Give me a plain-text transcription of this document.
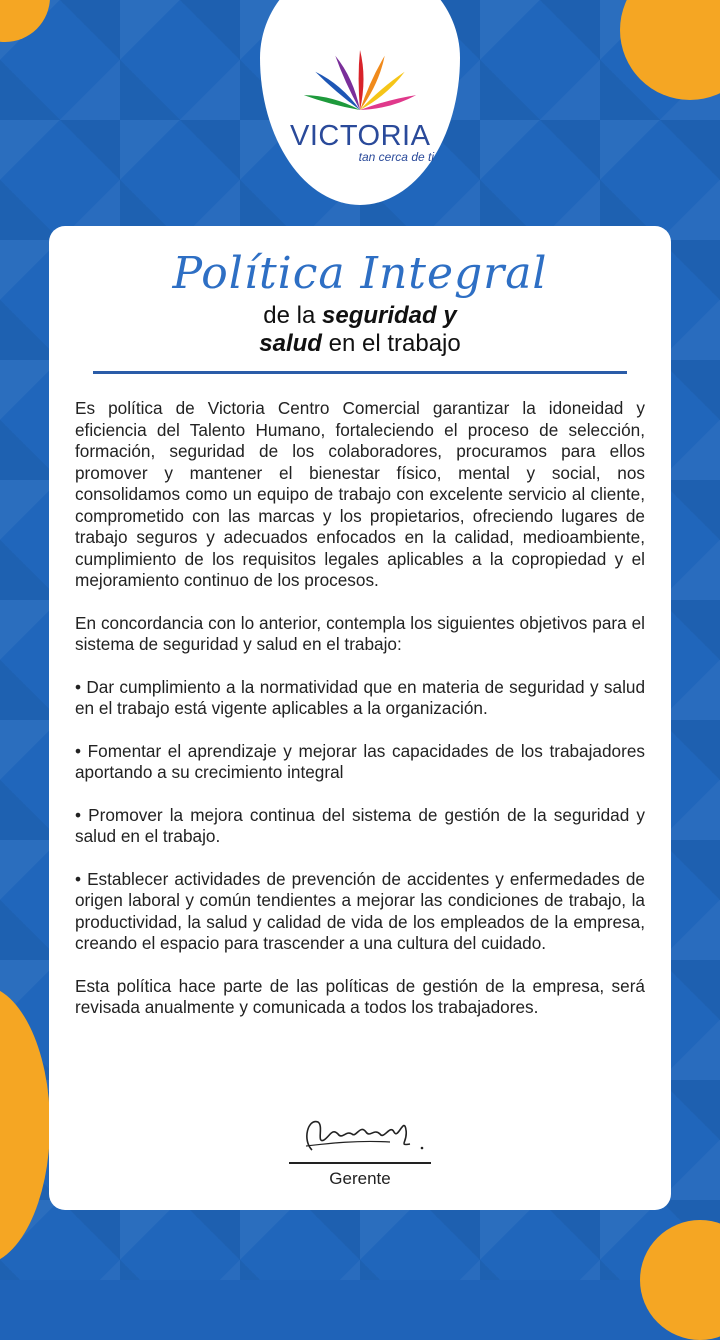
VICTORIA
tan cerca de ti
Política Integral
de la seguridad y
salud en el trabajo

Es política de Victoria Centro Comercial garantizar la idoneidad y eficiencia del Talento Humano, fortaleciendo el proceso de selección, formación, seguridad de los colaboradores, procuramos para ellos promover y mantener el bienestar físico, mental y social, nos consolidamos como un equipo de trabajo con excelente servicio al cliente, comprometido con las marcas y los propietarios, ofreciendo lugares de trabajo seguros y adecuados enfocados en la calidad, medioambiente, cumplimiento de los requisitos legales aplicables a la copropiedad y el mejoramiento continuo de los procesos.

En concordancia con lo anterior, contempla los siguientes objetivos para el sistema de seguridad y salud en el trabajo:

• Dar cumplimiento a la normatividad que en materia de seguridad y salud en el trabajo está vigente aplicables a la organización.

• Fomentar el aprendizaje y mejorar las capacidades de los trabajadores aportando a su crecimiento integral

• Promover la mejora continua del sistema de gestión de la seguridad y salud en el trabajo.

• Establecer actividades de prevención de accidentes y enfermedades de origen laboral y común tendientes a mejorar las condiciones de trabajo, la productividad, la salud y calidad de vida de los empleados de la empresa, creando el espacio para trascender a una cultura del cuidado.

Esta política hace parte de las políticas de gestión de la empresa, será revisada anualmente y comunicada a todos los trabajadores.

Gerente
